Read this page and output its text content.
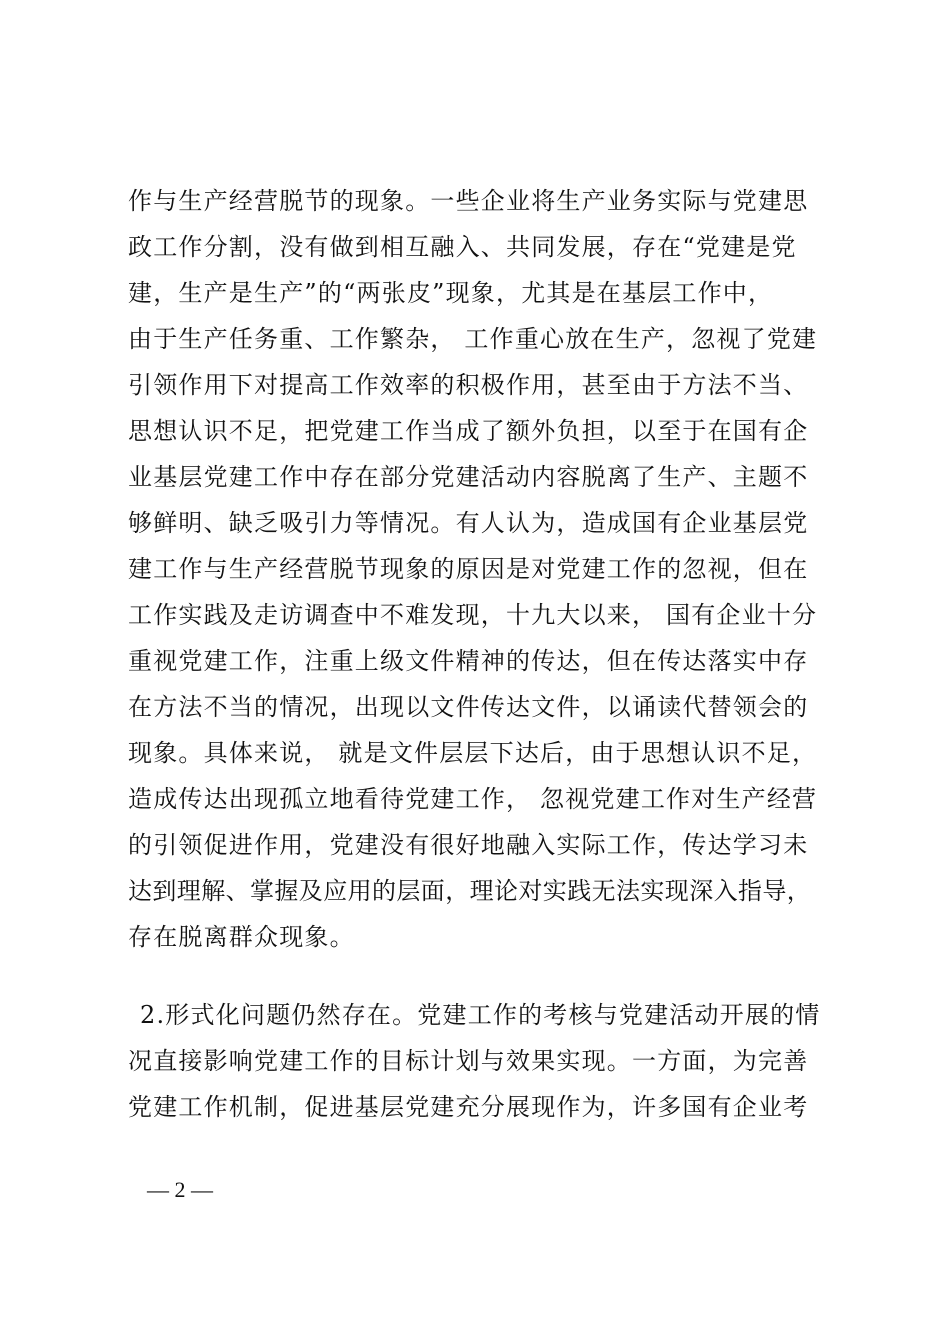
作与生产经营脱节的现象。一些企业将生产业务实际与党建思
政工作分割，没有做到相互融入、共同发展，存在“党建是党
建，生产是生产”的“两张皮”现象，尤其是在基层工作中，
由于生产任务重、工作繁杂， 工作重心放在生产，忽视了党建
引领作用下对提高工作效率的积极作用，甚至由于方法不当、
思想认识不足，把党建工作当成了额外负担，以至于在国有企
业基层党建工作中存在部分党建活动内容脱离了生产、主题不
够鲜明、缺乏吸引力等情况。有人认为，造成国有企业基层党
建工作与生产经营脱节现象的原因是对党建工作的忽视，但在
工作实践及走访调查中不难发现，十九大以来， 国有企业十分
重视党建工作，注重上级文件精神的传达，但在传达落实中存
在方法不当的情况，出现以文件传达文件，以诵读代替领会的
现象。具体来说， 就是文件层层下达后，由于思想认识不足，
造成传达出现孤立地看待党建工作， 忽视党建工作对生产经营
的引领促进作用，党建没有很好地融入实际工作，传达学习未
达到理解、掌握及应用的层面，理论对实践无法实现深入指导，
存在脱离群众现象。
2.形式化问题仍然存在。党建工作的考核与党建活动开展的情
况直接影响党建工作的目标计划与效果实现。一方面，为完善
党建工作机制，促进基层党建充分展现作为，许多国有企业考
— 2 —
